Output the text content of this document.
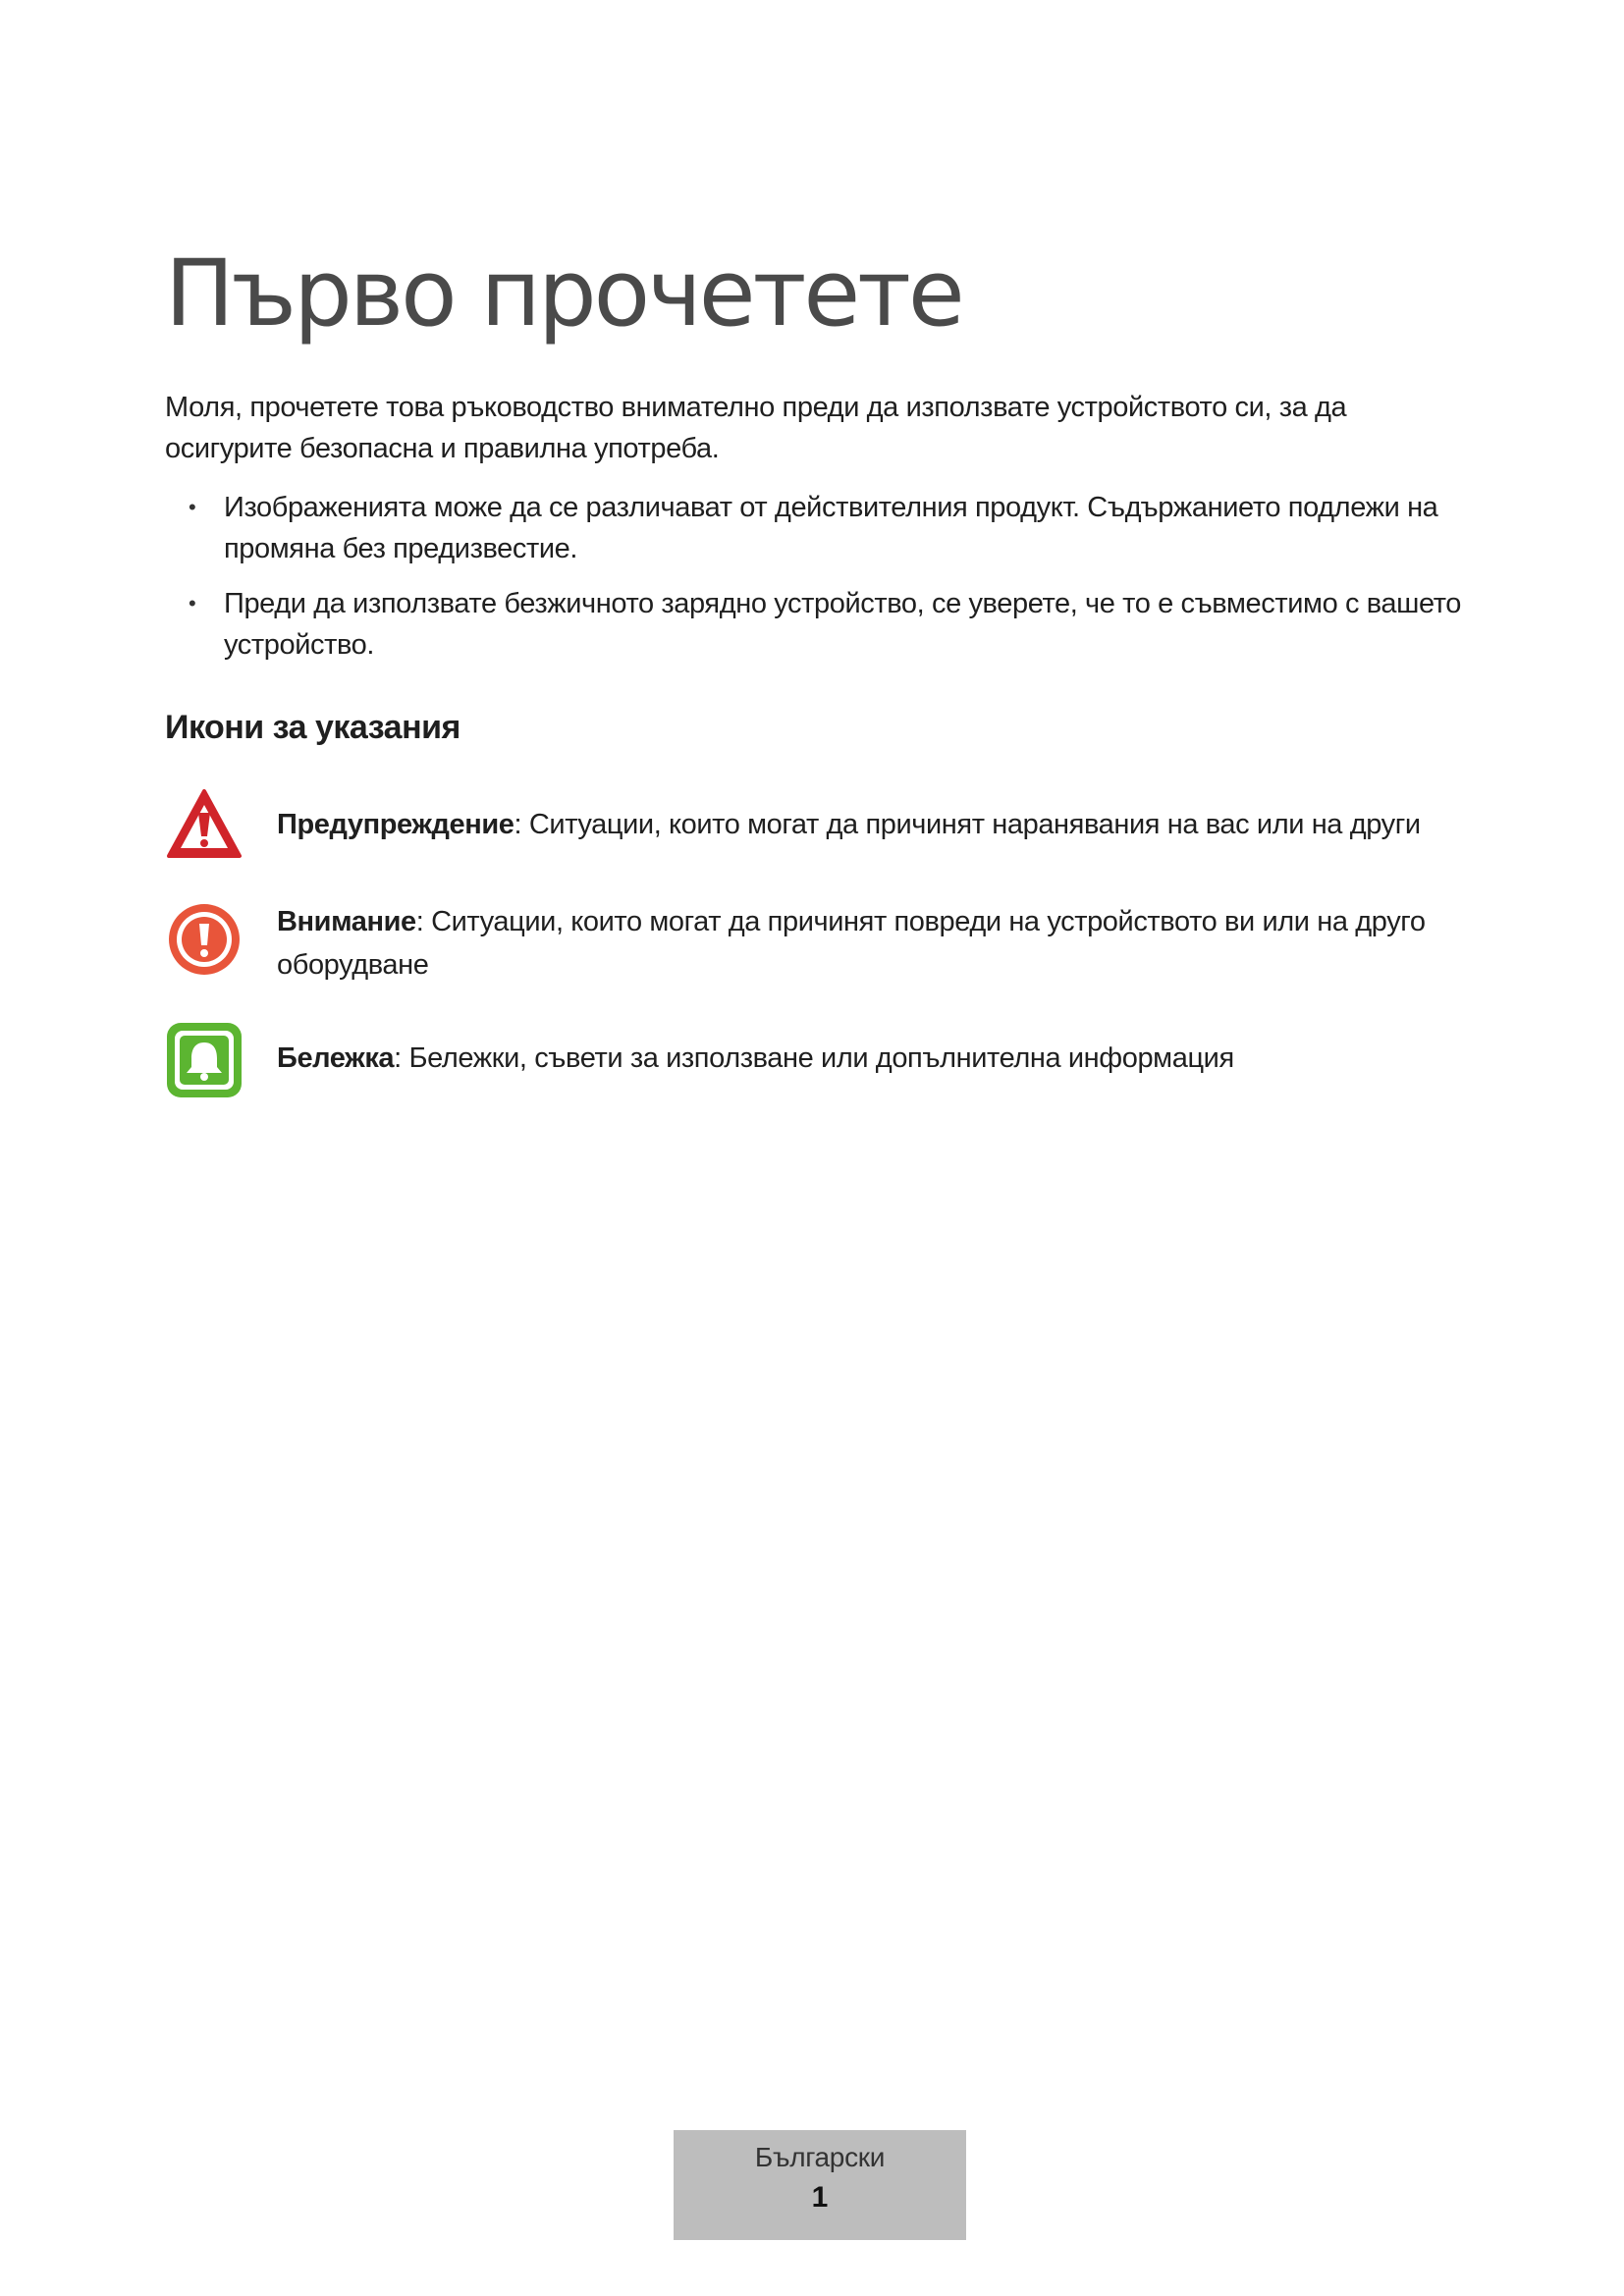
Първо прочетете

Моля, прочетете това ръководство внимателно преди да използвате устройството си, за да осигурите безопасна и правилна употреба.

• Изображенията може да се различават от действителния продукт. Съдържанието подлежи на промяна без предизвестие.
• Преди да използвате безжичното зарядно устройство, се уверете, че то е съвместимо с вашето устройство.
Икони за указания
Предупреждение: Ситуации, които могат да причинят наранявания на вас или на други
Внимание: Ситуации, които могат да причинят повреди на устройството ви или на друго оборудване
Бележка: Бележки, съвети за използване или допълнителна информация
Български
1
